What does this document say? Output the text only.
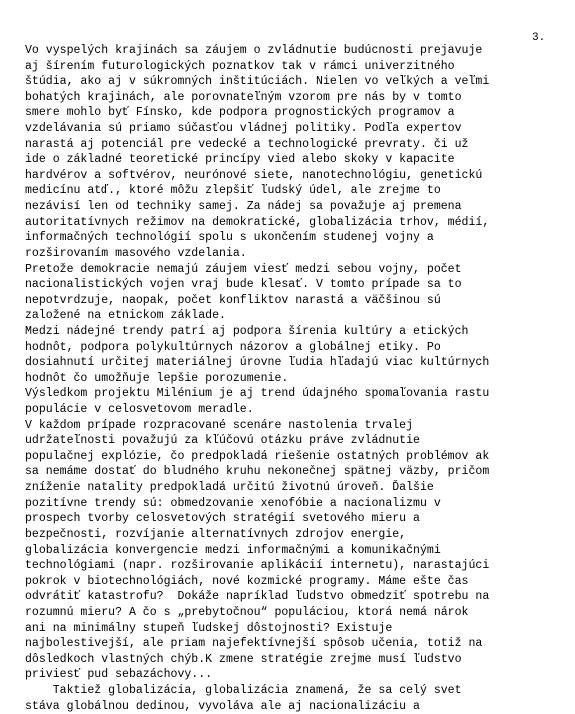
3.
Vo vyspelých krajinách sa záujem o zvládnutie budúcnosti prejavuje
aj šírením futurologických poznatkov tak v rámci univerzitného
štúdia, ako aj v súkromných inštitúciách. Nielen vo veľkých a veľmi
bohatých krajinách, ale porovnateľným vzorom pre nás by v tomto
smere mohlo byť Fínsko, kde podpora prognostických programov a
vzdelávania sú priamo súčasťou vládnej politiky. Podľa expertov
narastá aj potenciál pre vedecké a technologické prevraty. či už
ide o základné teoretické princípy vied alebo skoky v kapacite
hardvérov a softvérov, neurónové siete, nanotechnológiu, genetickú
medicínu atď., ktoré môžu zlepšiť ľudský údel, ale zrejme to
nezávisí len od techniky samej. Za nádej sa považuje aj premena
autoritatívnych režimov na demokratické, globalizácia trhov, médií,
informačných technológií spolu s ukončením studenej vojny a
rozširovaním masového vzdelania.
Pretože demokracie nemajú záujem viesť medzi sebou vojny, počet
nacionalistických vojen vraj bude klesať. V tomto prípade sa to
nepotvrdzuje, naopak, počet konfliktov narastá a väčšinou sú
založené na etnickom základe.
Medzi nádejné trendy patrí aj podpora šírenia kultúry a etických
hodnôt, podpora polykultúrnych názorov a globálnej etiky. Po
dosiahnutí určitej materiálnej úrovne ľudia hľadajú viac kultúrnych
hodnôt čo umožňuje lepšie porozumenie.
Výsledkom projektu Milénium je aj trend údajného spomaľovania rastu
populácie v celosvetovom meradle.
V každom prípade rozpracované scenáre nastolenia trvalej
udržateľnosti považujú za kľúčovú otázku práve zvládnutie
populačnej explózie, čo predpokladá riešenie ostatných problémov ak
sa nemáme dostať do bludného kruhu nekonečnej spätnej väzby, pričom
zníženie natality predpokladá určitú životnú úroveň. Ďalšie
pozitívne trendy sú: obmedzovanie xenofóbie a nacionalizmu v
prospech tvorby celosvetových stratégií svetového mieru a
bezpečnosti, rozvíjanie alternatívnych zdrojov energie,
globalizácia konvergencie medzi informačnými a komunikačnými
technológiami (napr. rozširovanie aplikácií internetu), narastajúci
pokrok v biotechnológiách, nové kozmické programy. Máme ešte čas
odvrátiť katastrofu?  Dokáže napríklad ľudstvo obmedziť spotrebu na
rozumnú mieru? A čo s „prebytočnou“ populáciou, ktorá nemá nárok
ani na minimálny stupeň ľudskej dôstojnosti? Existuje
najbolestivejší, ale priam najefektívnejší spôsob učenia, totiž na
dôsledkoch vlastných chýb.K zmene stratégie zrejme musí ľudstvo
priviesť pud sebazáchovy...
Taktiež globalizácia, globalizácia znamená, že sa celý svet
stáva globálnou dedinou, vyvoláva ale aj nacionalizáciu a
